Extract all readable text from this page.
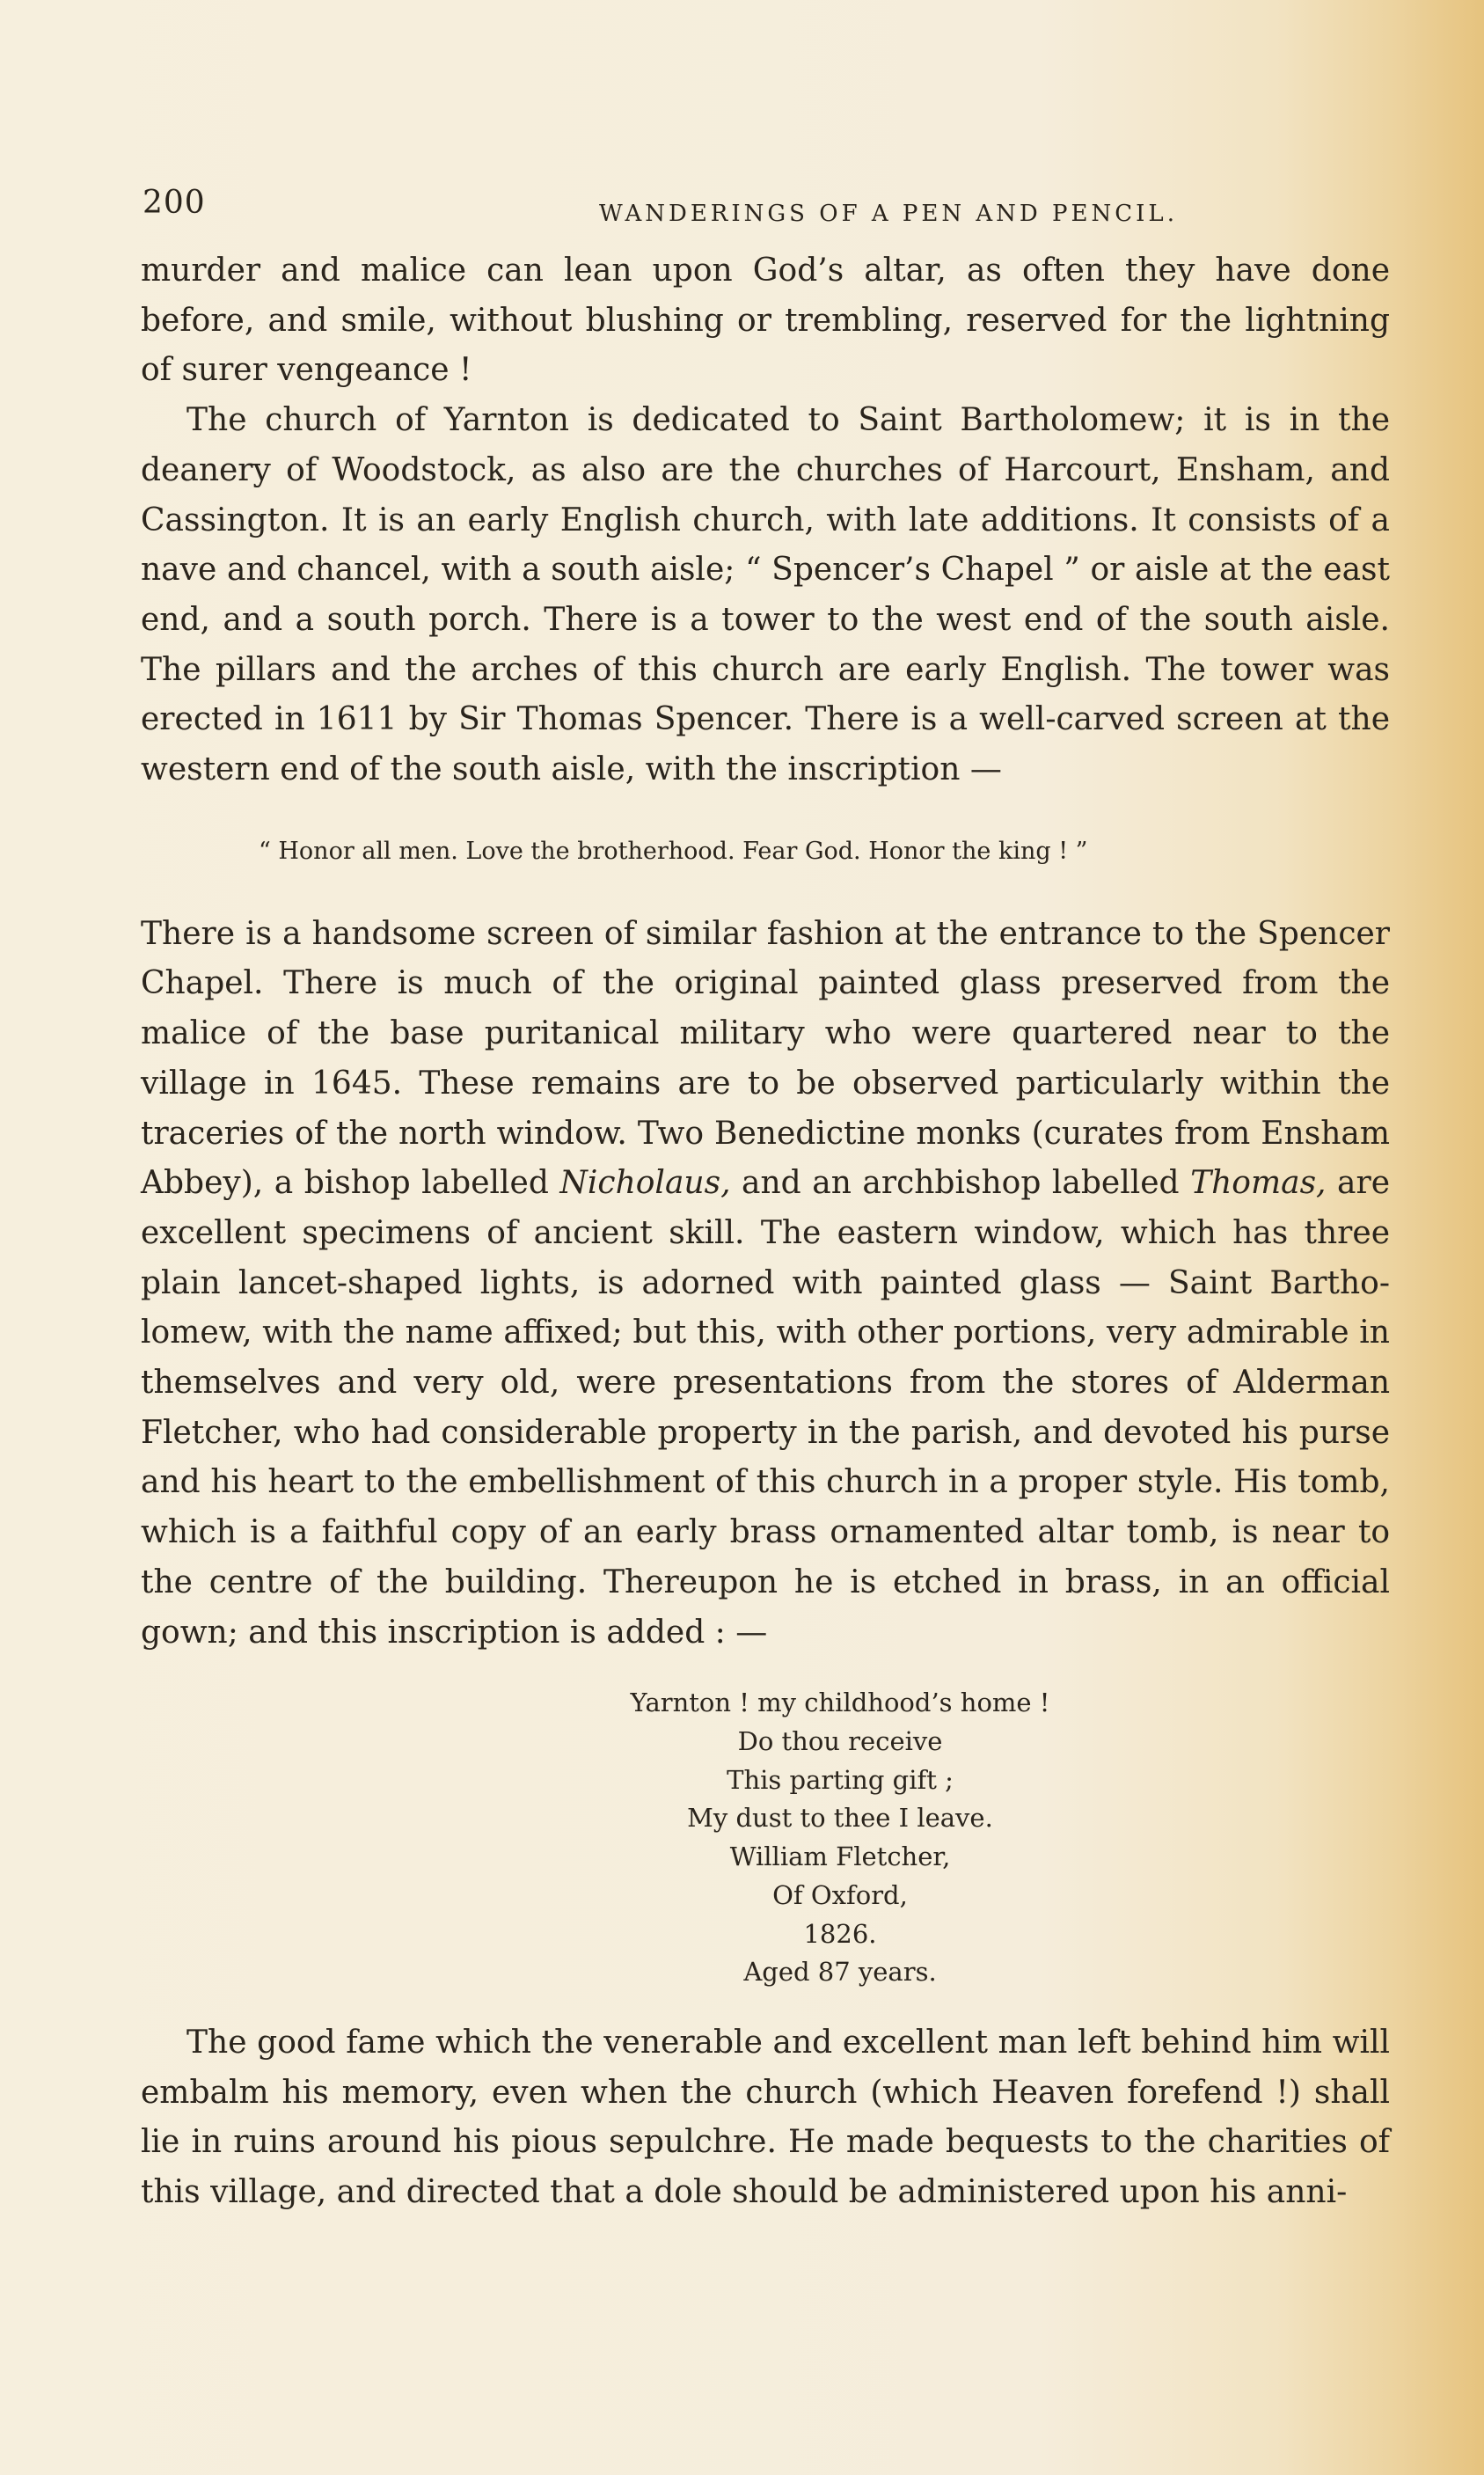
200	WANDERINGS OF A PEN AND PENCIL.

murder and malice can lean upon God’s altar, as often they have done before, and smile, without blushing or trembling, reserved for the lightning of surer vengeance !

The church of Yarnton is dedicated to Saint Bartholomew; it is in the deanery of Woodstock, as also are the churches of Harcourt, Ensham, and Cassington. It is an early English church, with late additions. It consists of a nave and chancel, with a south aisle; “ Spencer’s Chapel ” or aisle at the east end, and a south porch. There is a tower to the west end of the south aisle. The pillars and the arches of this church are early English. The tower was erected in 1611 by Sir Thomas Spencer. There is a well-carved screen at the western end of the south aisle, with the inscription —

“ Honor all men. Love the brotherhood. Fear God. Honor the king ! ”

There is a handsome screen of similar fashion at the entrance to the Spencer Chapel. There is much of the original painted glass preserved from the malice of the base puritanical military who were quartered near to the village in 1645. These remains are to be observed particularly within the traceries of the north window. Two Benedictine monks (curates from Ensham Abbey), a bishop labelled Nicholaus, and an archbishop labelled Thomas, are excellent specimens of ancient skill. The eastern window, which has three plain lancet-shaped lights, is adorned with painted glass — Saint Bartho-lomew, with the name affixed; but this, with other portions, very admirable in themselves and very old, were presentations from the stores of Alderman Fletcher, who had considerable property in the parish, and devoted his purse and his heart to the embellishment of this church in a proper style. His tomb, which is a faithful copy of an early brass ornamented altar tomb, is near to the centre of the building. Thereupon he is etched in brass, in an official gown; and this inscription is added : —

Yarnton ! my childhood’s home !
Do thou receive
This parting gift ;
My dust to thee I leave.
William Fletcher,
Of Oxford,
1826.
Aged 87 years.

The good fame which the venerable and excellent man left behind him will embalm his memory, even when the church (which Heaven forefend !) shall lie in ruins around his pious sepulchre. He made bequests to the charities of this village, and directed that a dole should be administered upon his anni-
